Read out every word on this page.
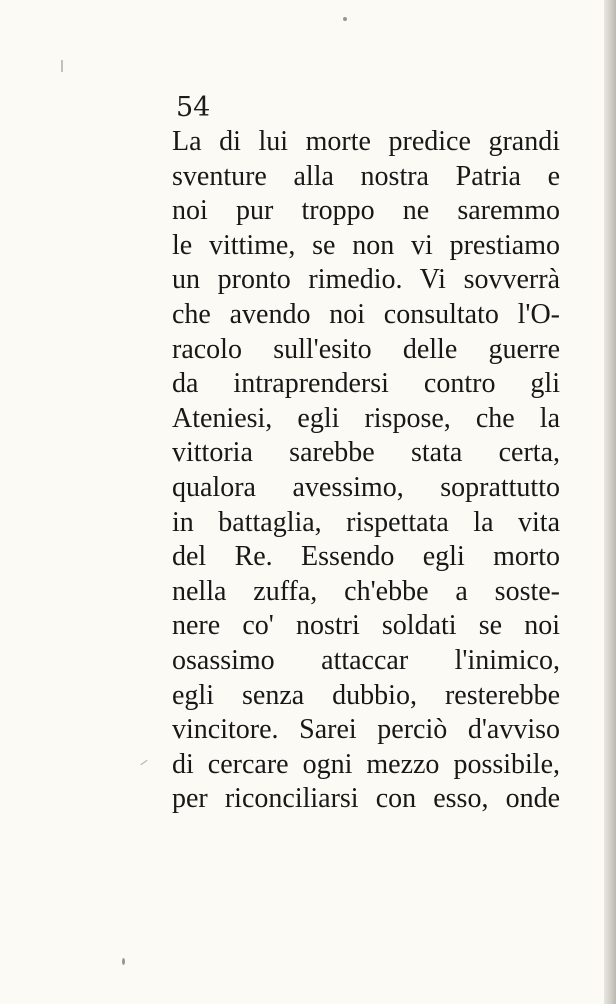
54
La di lui morte predice grandi
sventure alla nostra Patria e
noi pur troppo ne saremmo
le vittime, se non vi prestiamo
un pronto rimedio. Vi sovverrà
che avendo noi consultato l'O-
racolo sull'esito delle guerre
da intraprendersi contro gli
Ateniesi, egli rispose, che la
vittoria sarebbe stata certa,
qualora avessimo, soprattutto
in battaglia, rispettata la vita
del Re. Essendo egli morto
nella zuffa, ch'ebbe a soste-
nere co' nostri soldati se noi
osassimo attaccar l'inimico,
egli senza dubbio, resterebbe
vincitore. Sarei perciò d'avviso
di cercare ogni mezzo possibile,
per riconciliarsi con esso, onde
